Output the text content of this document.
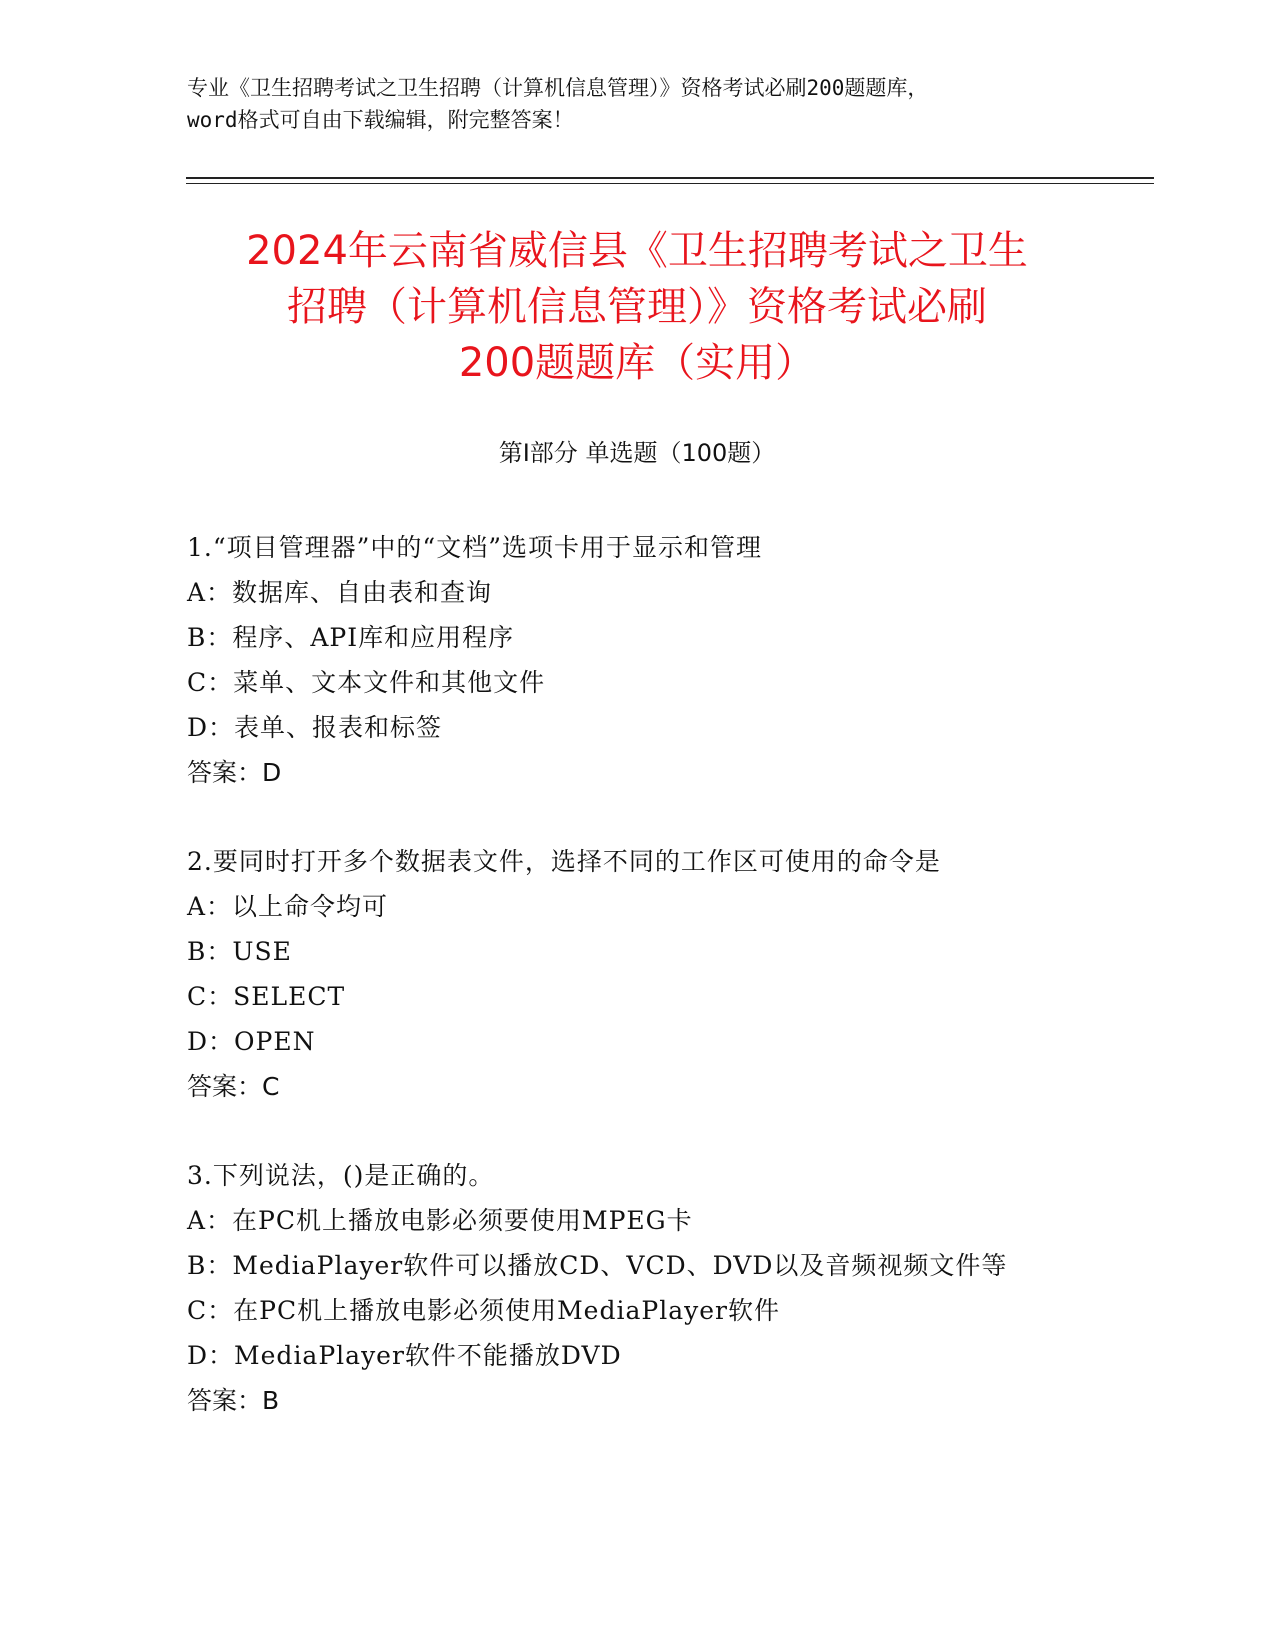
专业《卫生招聘考试之卫生招聘（计算机信息管理）》资格考试必刷200题题库，
word格式可自由下载编辑，附完整答案！
2024年云南省威信县《卫生招聘考试之卫生
招聘（计算机信息管理）》资格考试必刷
200题题库（实用）
第Ⅰ部分 单选题（100题）
1.“项目管理器”中的“文档”选项卡用于显示和管理
A：数据库、自由表和查询
B：程序、API库和应用程序
C：菜单、文本文件和其他文件
D：表单、报表和标签
答案：D
2.要同时打开多个数据表文件，选择不同的工作区可使用的命令是
A：以上命令均可
B：USE
C：SELECT
D：OPEN
答案：C
3.下列说法，()是正确的。
A：在PC机上播放电影必须要使用MPEG卡
B：MediaPlayer软件可以播放CD、VCD、DVD以及音频视频文件等
C：在PC机上播放电影必须使用MediaPlayer软件
D：MediaPlayer软件不能播放DVD
答案：B
